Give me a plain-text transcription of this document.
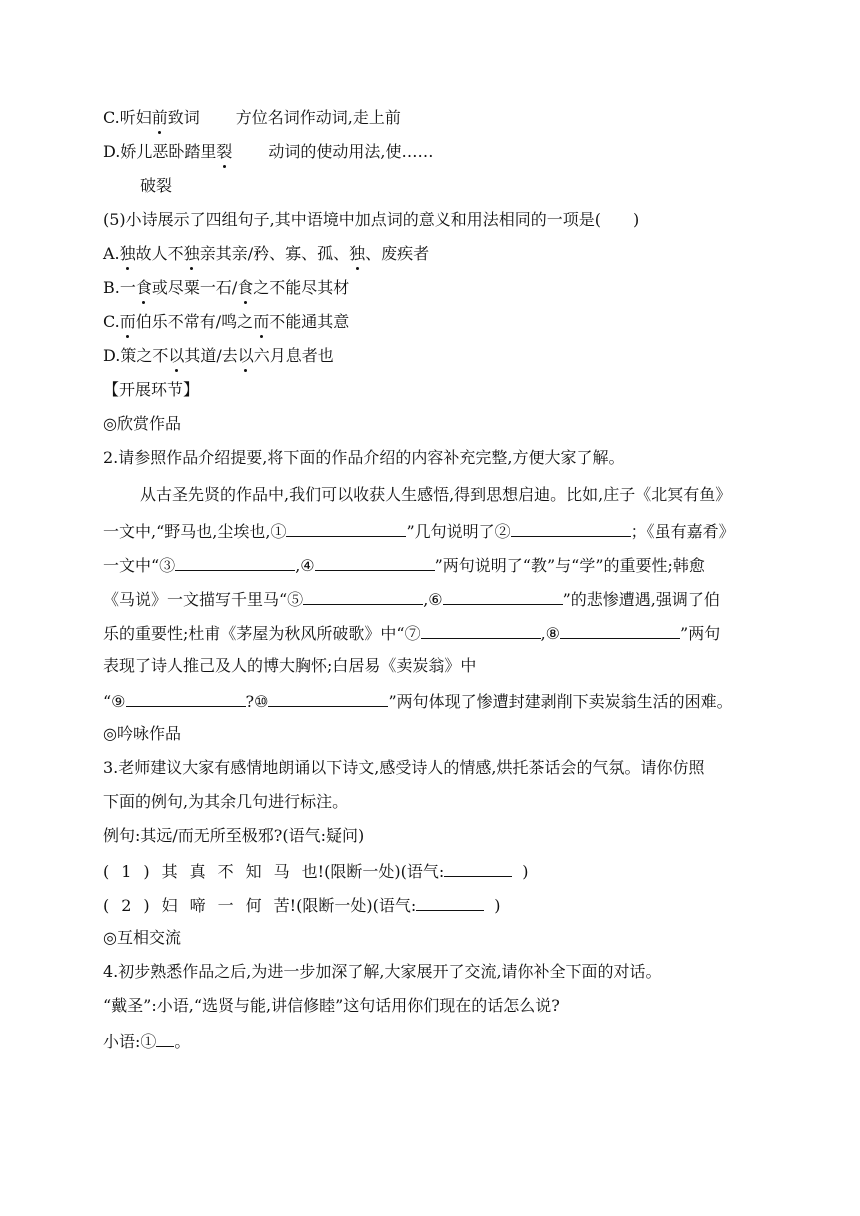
C.听妇前致词 方位名词作动词,走上前
D.娇儿恶卧踏里裂 动词的使动用法,使……
破裂
(5)小诗展示了四组句子,其中语境中加点词的意义和用法相同的一项是(　　)
A.独故人不独亲其亲/矜、寡、孤、独、废疾者
B.一食或尽粟一石/食之不能尽其材
C.而伯乐不常有/鸣之而不能通其意
D.策之不以其道/去以六月息者也
【开展环节】
◎欣赏作品
2.请参照作品介绍提要,将下面的作品介绍的内容补充完整,方便大家了解。
从古圣先贤的作品中,我们可以收获人生感悟,得到思想启迪。比如,庄子《北冥有鱼》
一文中,“野马也,尘埃也,①	”几句说明了②	；《虽有嘉肴》
一文中“③	,④	”两句说明了“教”与“学”的重要性;韩愈
《马说》一文描写千里马“⑤	,⑥	”的悲惨遭遇,强调了伯
乐的重要性;杜甫《茅屋为秋风所破歌》中“⑦	,⑧	”两句
表现了诗人推己及人的博大胸怀;白居易《卖炭翁》中
“⑨	?⑩	”两句体现了惨遭封建剥削下卖炭翁生活的困难。
◎吟咏作品
3.老师建议大家有感情地朗诵以下诗文,感受诗人的情感,烘托茶话会的气氛。请你仿照
下面的例句,为其余几句进行标注。
例句:其远/而无所至极邪?(语气:疑问)
(1)其真不知马也!(限断一处)(语气:	)
(2)妇啼一何苦!(限断一处)(语气:	)
◎互相交流
4.初步熟悉作品之后,为进一步加深了解,大家展开了交流,请你补全下面的对话。
“戴圣”:小语,“选贤与能,讲信修睦”这句话用你们现在的话怎么说?
小语:① 。
